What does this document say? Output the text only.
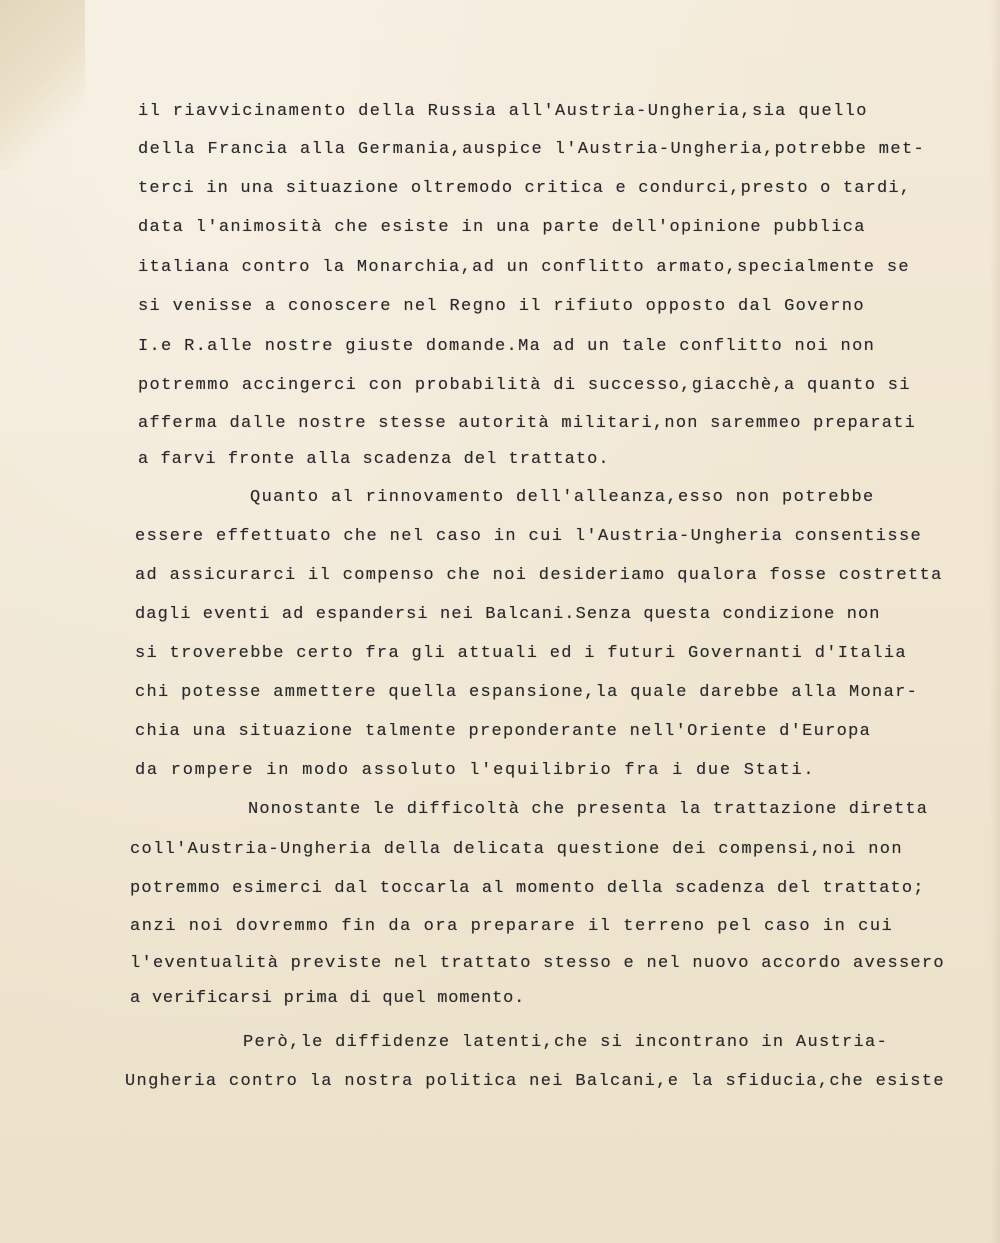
il riavvicinamento della Russia all'Austria-Ungheria,sia quello

della Francia alla Germania,auspice l'Austria-Ungheria,potrebbe met-

terci in una situazione oltremodo critica e condurci,presto o tardi,

data l'animosità che esiste in una parte dell'opinione pubblica

italiana contro la Monarchia,ad un conflitto armato,specialmente se

si venisse a conoscere nel Regno il rifiuto opposto dal Governo

I.e R.alle nostre giuste domande.Ma ad un tale conflitto noi non

potremmo accingerci con probabilità di successo,giacchè,a quanto si

afferma dalle nostre stesse autorità militari,non saremmeo preparati

a farvi fronte alla scadenza del trattato.

Quanto al rinnovamento dell'alleanza,esso non potrebbe

essere effettuato che nel caso in cui l'Austria-Ungheria consentisse

ad assicurarci il compenso che noi desideriamo qualora fosse costretta

dagli eventi ad espandersi nei Balcani.Senza questa condizione non

si troverebbe certo fra gli attuali ed i futuri Governanti d'Italia

chi potesse ammettere quella espansione,la quale darebbe alla Monar-

chia una situazione talmente preponderante nell'Oriente d'Europa

da rompere in modo assoluto l'equilibrio fra i due Stati.

Nonostante le difficoltà che presenta la trattazione diretta

coll'Austria-Ungheria della delicata questione dei compensi,noi non

potremmo esimerci dal toccarla al momento della scadenza del trattato;

anzi noi dovremmo fin da ora preparare il terreno pel caso in cui

l'eventualità previste nel trattato stesso e nel nuovo accordo avessero

a verificarsi prima di quel momento.

Però,le diffidenze latenti,che si incontrano in Austria-

Ungheria contro la nostra politica nei Balcani,e la sfiducia,che esiste
